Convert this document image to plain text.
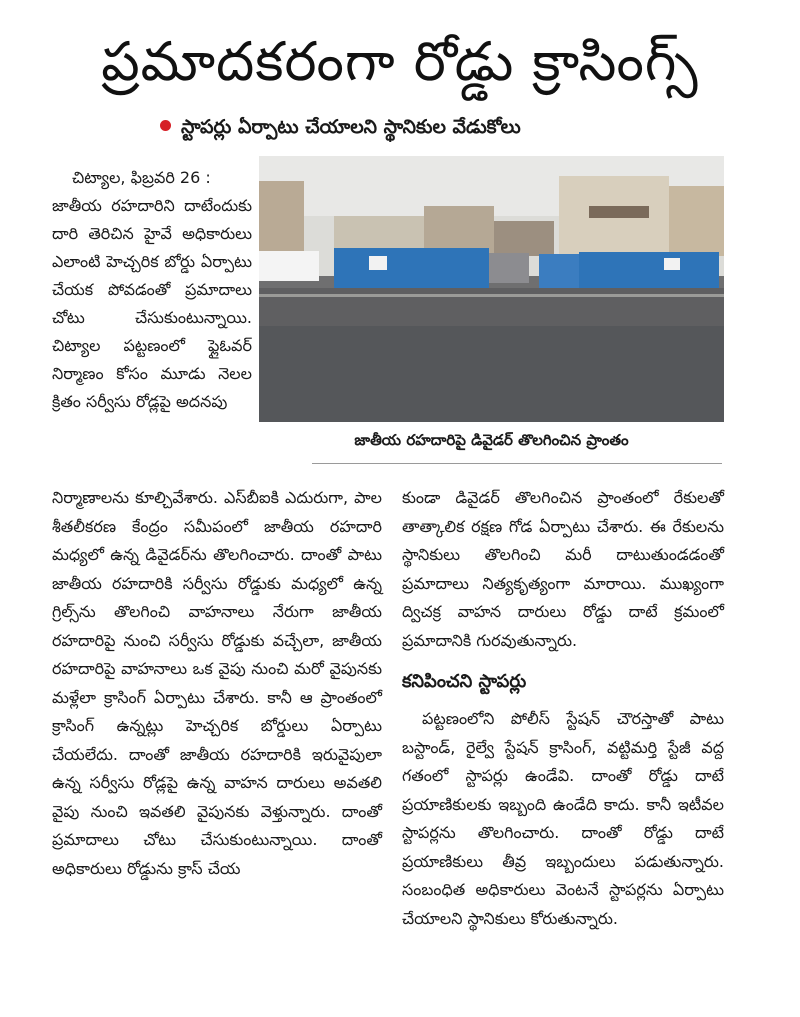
ప్రమాదకరంగా రోడ్డు క్రాసింగ్స్
స్టాపర్లు ఏర్పాటు చేయాలని స్థానికుల వేడుకోలు

చిట్యాల, ఫిబ్రవరి 26 :

జాతీయ రహదారిని దాటేందుకు దారి తెరిచిన హైవే అధికారులు ఎలాంటి హెచ్చరిక బోర్డు ఏర్పాటు చేయక పోవడంతో ప్రమాదాలు చోటు చేసుకుంటున్నాయి. చిట్యాల పట్టణంలో ఫ్లైఓవర్ నిర్మాణం కోసం మూడు నెలల క్రితం సర్వీసు రోడ్లపై అదనపు

జాతీయ రహదారిపై డివైడర్ తొలగించిన ప్రాంతం

నిర్మాణాలను కూల్చివేశారు. ఎస్‌బీఐకి ఎదురుగా, పాల శీతలీకరణ కేంద్రం సమీపంలో జాతీయ రహదారి మధ్యలో ఉన్న డివైడర్‌ను తొలగించారు. దాంతో పాటు జాతీయ రహదారికి సర్వీసు రోడ్డుకు మధ్యలో ఉన్న గ్రిల్స్‌ను తొలగించి వాహనాలు నేరుగా జాతీయ రహదారిపై నుంచి సర్వీసు రోడ్డుకు వచ్చేలా, జాతీయ రహదారిపై వాహనాలు ఒక వైపు నుంచి మరో వైపునకు మళ్లేలా క్రాసింగ్ ఏర్పాటు చేశారు. కానీ ఆ ప్రాంతంలో క్రాసింగ్ ఉన్నట్లు హెచ్చరిక బోర్డులు ఏర్పాటు చేయలేదు. దాంతో జాతీయ రహదారికి ఇరువైపులా ఉన్న సర్వీసు రోడ్లపై ఉన్న వాహన దారులు అవతలి వైపు నుంచి ఇవతలి వైపునకు వెళ్తున్నారు. దాంతో ప్రమాదాలు చోటు చేసుకుంటున్నాయి. దాంతో అధికారులు రోడ్డును క్రాస్ చేయ

కుండా డివైడర్ తొలగించిన ప్రాంతంలో రేకులతో తాత్కాలిక రక్షణ గోడ ఏర్పాటు చేశారు. ఈ రేకులను స్థానికులు తొలగించి మరీ దాటుతుండడంతో ప్రమాదాలు నిత్యకృత్యంగా మారాయి. ముఖ్యంగా ద్విచక్ర వాహన దారులు రోడ్డు దాటే క్రమంలో ప్రమాదానికి గురవుతున్నారు.

కనిపించని స్టాపర్లు

పట్టణంలోని పోలీస్ స్టేషన్ చౌరస్తాతో పాటు బస్టాండ్, రైల్వే స్టేషన్ క్రాసింగ్, వట్టిమర్తి స్టేజీ వద్ద గతంలో స్టాపర్లు ఉండేవి. దాంతో రోడ్డు దాటే ప్రయాణికులకు ఇబ్బంది ఉండేది కాదు. కానీ ఇటీవల స్టాపర్లను తొలగించారు. దాంతో రోడ్డు దాటే ప్రయాణికులు తీవ్ర ఇబ్బందులు పడుతున్నారు. సంబంధిత అధికారులు వెంటనే స్టాపర్లను ఏర్పాటు చేయాలని స్థానికులు కోరుతున్నారు.
